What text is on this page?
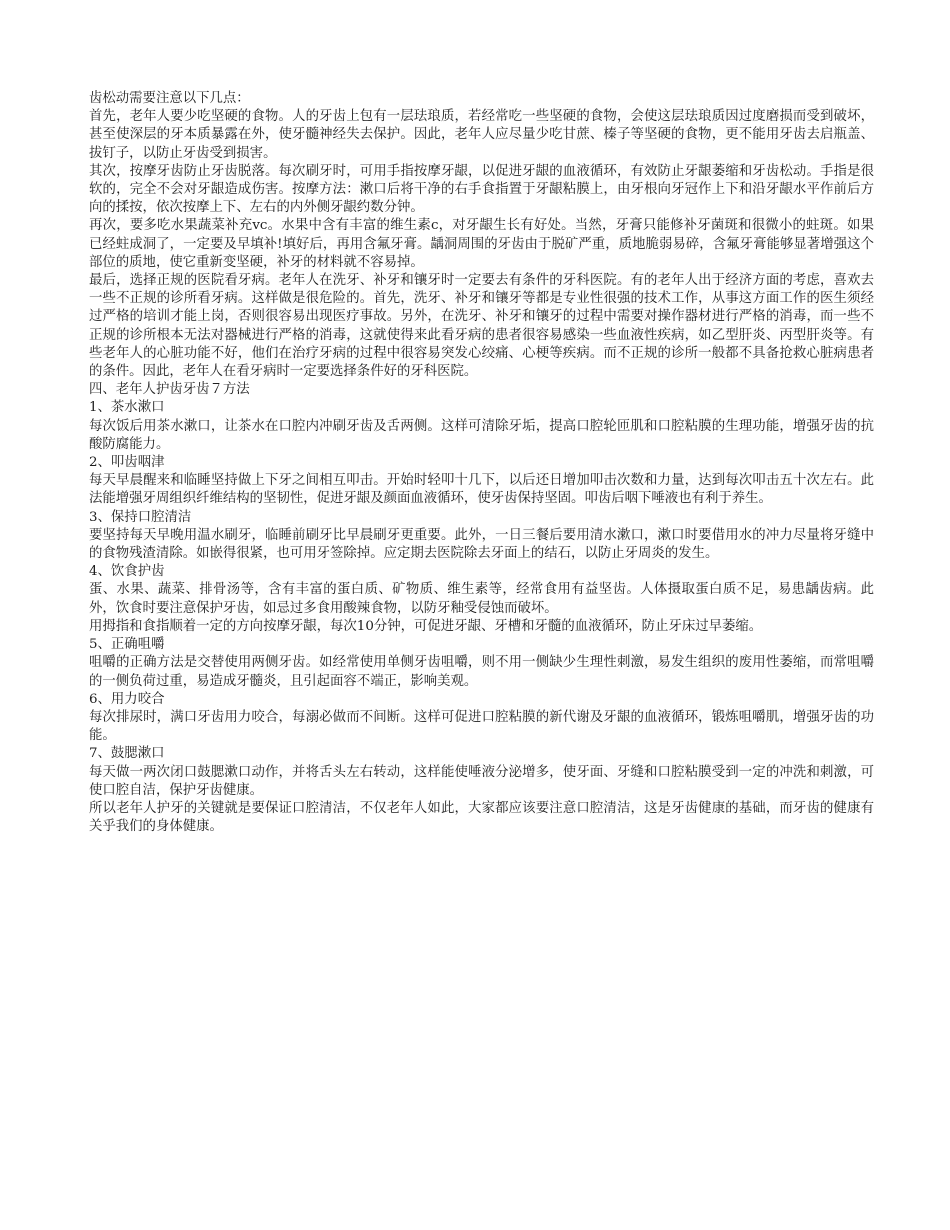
齿松动需要注意以下几点：

首先，老年人要少吃坚硬的食物。人的牙齿上包有一层珐琅质，若经常吃一些坚硬的食物，会使这层珐琅质因过度磨损而受到破坏，甚至使深层的牙本质暴露在外，使牙髓神经失去保护。因此，老年人应尽量少吃甘蔗、榛子等坚硬的食物，更不能用牙齿去启瓶盖、拔钉子，以防止牙齿受到损害。

其次，按摩牙齿防止牙齿脱落。每次刷牙时，可用手指按摩牙龈，以促进牙龈的血液循环，有效防止牙龈萎缩和牙齿松动。手指是很软的，完全不会对牙龈造成伤害。按摩方法：漱口后将干净的右手食指置于牙龈粘膜上，由牙根向牙冠作上下和沿牙龈水平作前后方向的揉按，依次按摩上下、左右的内外侧牙龈约数分钟。

再次，要多吃水果蔬菜补充vc。水果中含有丰富的维生素c，对牙龈生长有好处。当然，牙膏只能修补牙菌斑和很微小的蛀斑。如果已经蛀成洞了，一定要及早填补!填好后，再用含氟牙膏。龋洞周围的牙齿由于脱矿严重，质地脆弱易碎，含氟牙膏能够显著增强这个部位的质地，使它重新变坚硬，补牙的材料就不容易掉。

最后，选择正规的医院看牙病。老年人在洗牙、补牙和镶牙时一定要去有条件的牙科医院。有的老年人出于经济方面的考虑，喜欢去一些不正规的诊所看牙病。这样做是很危险的。首先，洗牙、补牙和镶牙等都是专业性很强的技术工作，从事这方面工作的医生须经过严格的培训才能上岗，否则很容易出现医疗事故。另外，在洗牙、补牙和镶牙的过程中需要对操作器材进行严格的消毒，而一些不正规的诊所根本无法对器械进行严格的消毒，这就使得来此看牙病的患者很容易感染一些血液性疾病，如乙型肝炎、丙型肝炎等。有些老年人的心脏功能不好，他们在治疗牙病的过程中很容易突发心绞痛、心梗等疾病。而不正规的诊所一般都不具备抢救心脏病患者的条件。因此，老年人在看牙病时一定要选择条件好的牙科医院。

四、老年人护齿牙齿７方法

1、茶水漱口

每次饭后用茶水漱口，让茶水在口腔内冲刷牙齿及舌两侧。这样可清除牙垢，提高口腔轮匝肌和口腔粘膜的生理功能，增强牙齿的抗酸防腐能力。

2、叩齿咽津

每天早晨醒来和临睡坚持做上下牙之间相互叩击。开始时轻叩十几下，以后还日增加叩击次数和力量，达到每次叩击五十次左右。此法能增强牙周组织纤维结构的坚韧性，促进牙龈及颜面血液循环，使牙齿保持坚固。叩齿后咽下唾液也有利于养生。

3、保持口腔清洁

要坚持每天早晚用温水刷牙，临睡前刷牙比早晨刷牙更重要。此外，一日三餐后要用清水漱口，漱口时要借用水的冲力尽量将牙缝中的食物残渣清除。如嵌得很紧，也可用牙签除掉。应定期去医院除去牙面上的结石，以防止牙周炎的发生。

4、饮食护齿

蛋、水果、蔬菜、排骨汤等，含有丰富的蛋白质、矿物质、维生素等，经常食用有益坚齿。人体摄取蛋白质不足，易患龋齿病。此外，饮食时要注意保护牙齿，如忌过多食用酸辣食物，以防牙釉受侵蚀而破坏。

用拇指和食指顺着一定的方向按摩牙龈，每次10分钟，可促进牙龈、牙槽和牙髓的血液循环，防止牙床过早萎缩。

5、正确咀嚼

咀嚼的正确方法是交替使用两侧牙齿。如经常使用单侧牙齿咀嚼，则不用一侧缺少生理性刺激，易发生组织的废用性萎缩，而常咀嚼的一侧负荷过重，易造成牙髓炎，且引起面容不端正，影响美观。

6、用力咬合

每次排尿时，满口牙齿用力咬合，每溺必做而不间断。这样可促进口腔粘膜的新代谢及牙龈的血液循环，锻炼咀嚼肌，增强牙齿的功能。

7、鼓腮漱口

每天做一两次闭口鼓腮漱口动作，并将舌头左右转动，这样能使唾液分泌增多，使牙面、牙缝和口腔粘膜受到一定的冲洗和刺激，可使口腔自洁，保护牙齿健康。

所以老年人护牙的关键就是要保证口腔清洁，不仅老年人如此，大家都应该要注意口腔清洁，这是牙齿健康的基础，而牙齿的健康有关乎我们的身体健康。
